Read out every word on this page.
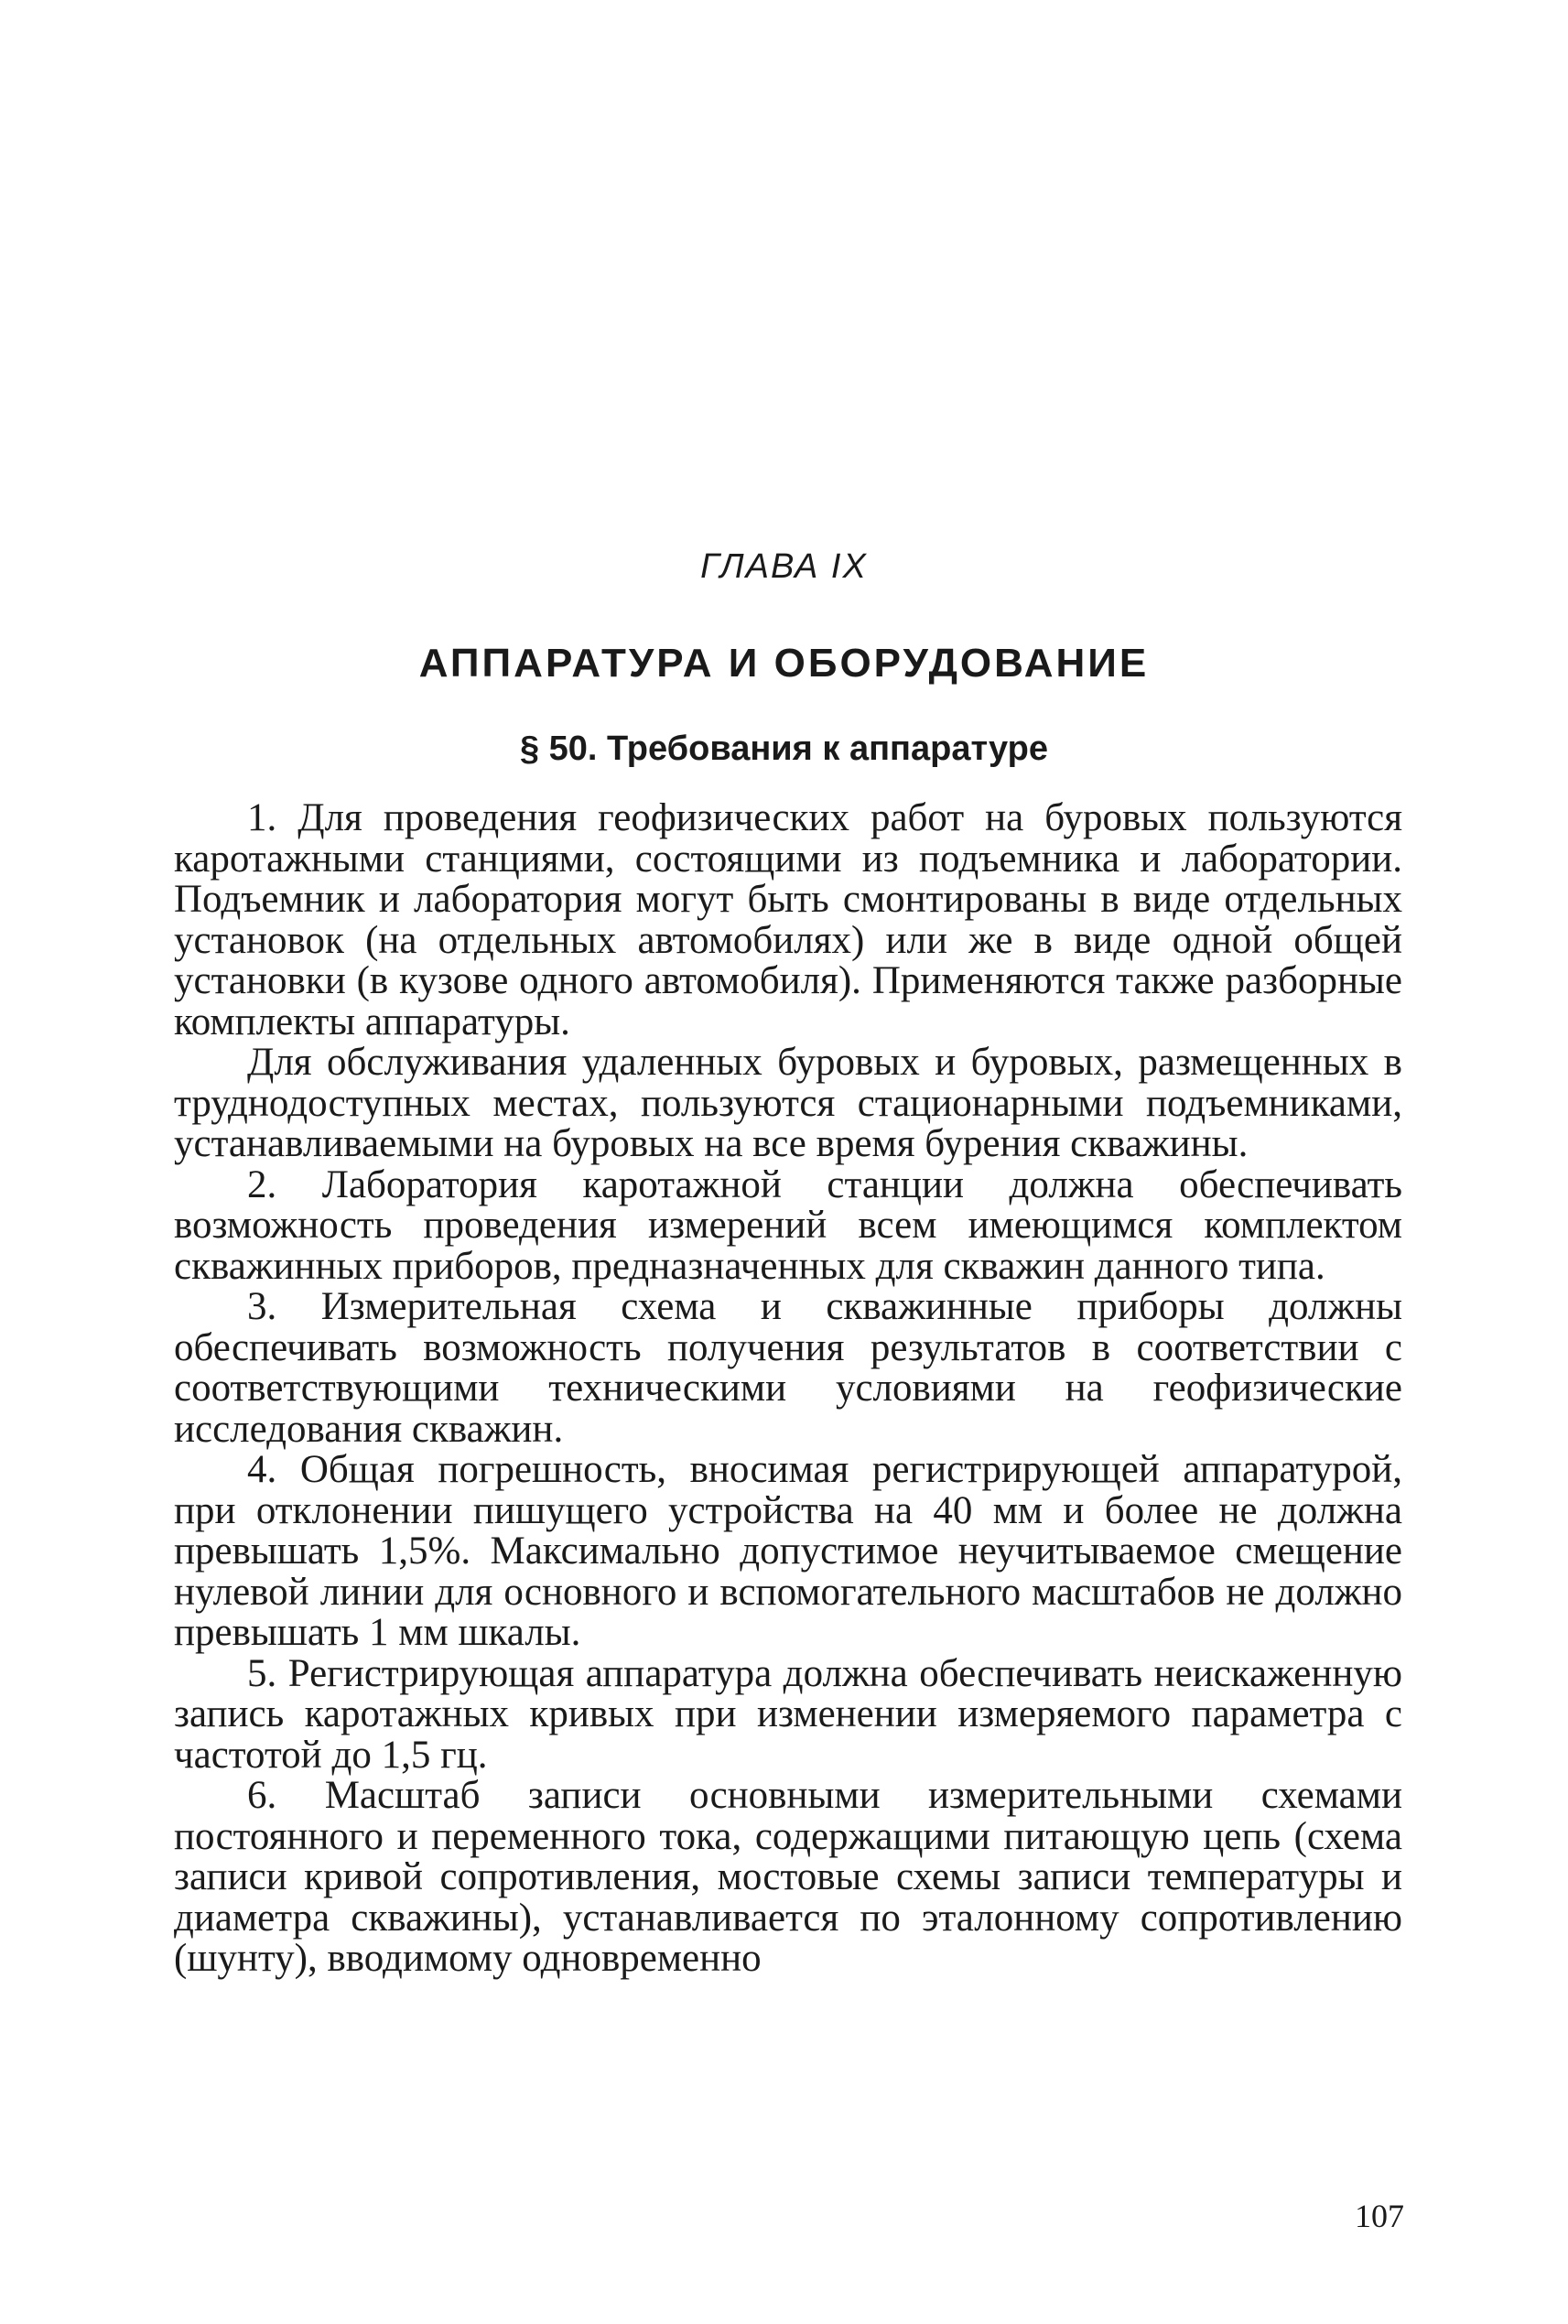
ГЛАВА IX
АППАРАТУРА И ОБОРУДОВАНИЕ
§ 50. Требования к аппаратуре

1. Для проведения геофизических работ на буровых пользуются каротажными станциями, состоящими из подъемника и лаборатории. Подъемник и лаборатория могут быть смонтированы в виде отдельных установок (на отдельных автомобилях) или же в виде одной общей установки (в кузове одного автомобиля). Применяются также разборные комплекты аппаратуры.

Для обслуживания удаленных буровых и буровых, размещенных в труднодоступных местах, пользуются стационарными подъемниками, устанавливаемыми на буровых на все время бурения скважины.

2. Лаборатория каротажной станции должна обеспечивать возможность проведения измерений всем имеющимся комплектом скважинных приборов, предназначенных для скважин данного типа.

3. Измерительная схема и скважинные приборы должны обеспечивать возможность получения результатов в соответствии с соответствующими техническими условиями на геофизические исследования скважин.

4. Общая погрешность, вносимая регистрирующей аппаратурой, при отклонении пишущего устройства на 40 мм и более не должна превышать 1,5%. Максимально допустимое неучитываемое смещение нулевой линии для основного и вспомогательного масштабов не должно превышать 1 мм шкалы.

5. Регистрирующая аппаратура должна обеспечивать неискаженную запись каротажных кривых при изменении измеряемого параметра с частотой до 1,5 гц.

6. Масштаб записи основными измерительными схемами постоянного и переменного тока, содержащими питающую цепь (схема записи кривой сопротивления, мостовые схемы записи температуры и диаметра скважины), устанавливается по эталонному сопротивлению (шунту), вводимому одновременно

107
